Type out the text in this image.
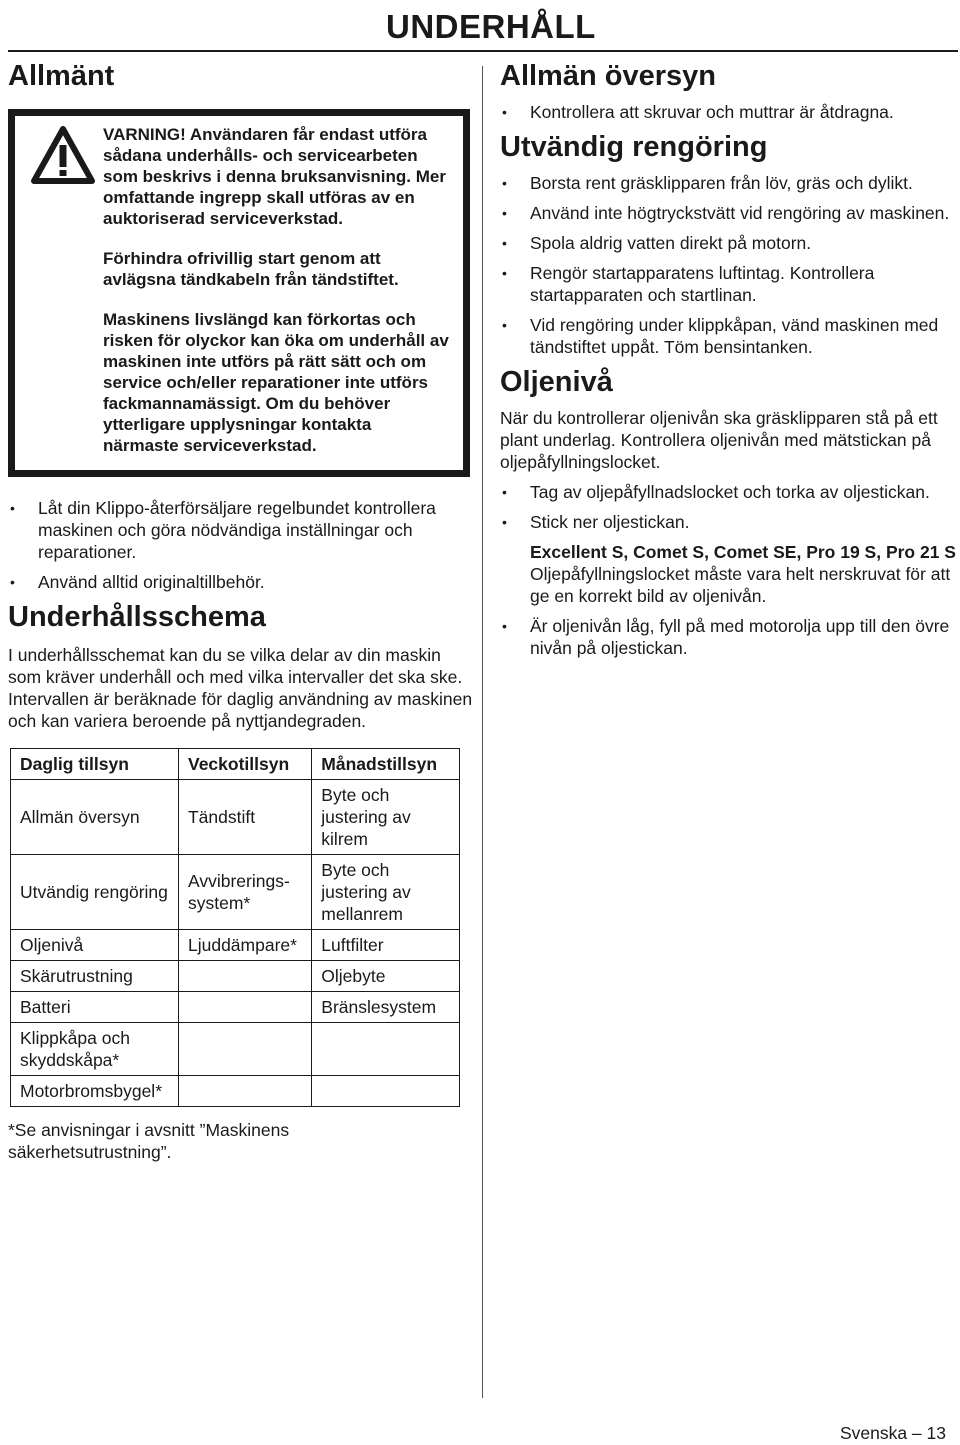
UNDERHÅLL
Allmänt

VARNING! Användaren får endast utföra sådana underhålls- och servicearbeten som beskrivs i denna bruksanvisning. Mer omfattande ingrepp skall utföras av en auktoriserad serviceverkstad.

Förhindra ofrivillig start genom att avlägsna tändkabeln från tändstiftet.

Maskinens livslängd kan förkortas och risken för olyckor kan öka om underhåll av maskinen inte utförs på rätt sätt och om service och/eller reparationer inte utförs fackmannamässigt. Om du behöver ytterligare upplysningar kontakta närmaste serviceverkstad.

• Låt din Klippo-återförsäljare regelbundet kontrollera maskinen och göra nödvändiga inställningar och reparationer.
• Använd alltid originaltillbehör.
Underhållsschema

I underhållsschemat kan du se vilka delar av din maskin som kräver underhåll och med vilka intervaller det ska ske. Intervallen är beräknade för daglig användning av maskinen och kan variera beroende på nyttjandegraden.

Daglig tillsyn	Veckotillsyn	Månadstillsyn
Allmän översyn	Tändstift	Byte och justering av kilrem
Utvändig rengöring	Avvibrerings-system*	Byte och justering av mellanrem
Oljenivå	Ljuddämpare*	Luftfilter
Skärutrustning		Oljebyte
Batteri		Bränslesystem
Klippkåpa och skyddskåpa*		
Motorbromsbygel*		

*Se anvisningar i avsnitt ”Maskinens säkerhetsutrustning”.

Allmän översyn
• Kontrollera att skruvar och muttrar är åtdragna.
Utvändig rengöring
• Borsta rent gräsklipparen från löv, gräs och dylikt.
• Använd inte högtryckstvätt vid rengöring av maskinen.
• Spola aldrig vatten direkt på motorn.
• Rengör startapparatens luftintag. Kontrollera startapparaten och startlinan.
• Vid rengöring under klippkåpan, vänd maskinen med tändstiftet uppåt. Töm bensintanken.
Oljenivå

När du kontrollerar oljenivån ska gräsklipparen stå på ett plant underlag. Kontrollera oljenivån med mätstickan på oljepåfyllningslocket.

• Tag av oljepåfyllnadslocket och torka av oljestickan.
• Stick ner oljestickan.

Excellent S, Comet S, Comet SE, Pro 19 S, Pro 21 S Oljepåfyllningslocket måste vara helt nerskruvat för att ge en korrekt bild av oljenivån.

• Är oljenivån låg, fyll på med motorolja upp till den övre nivån på oljestickan.
Svenska – 13
